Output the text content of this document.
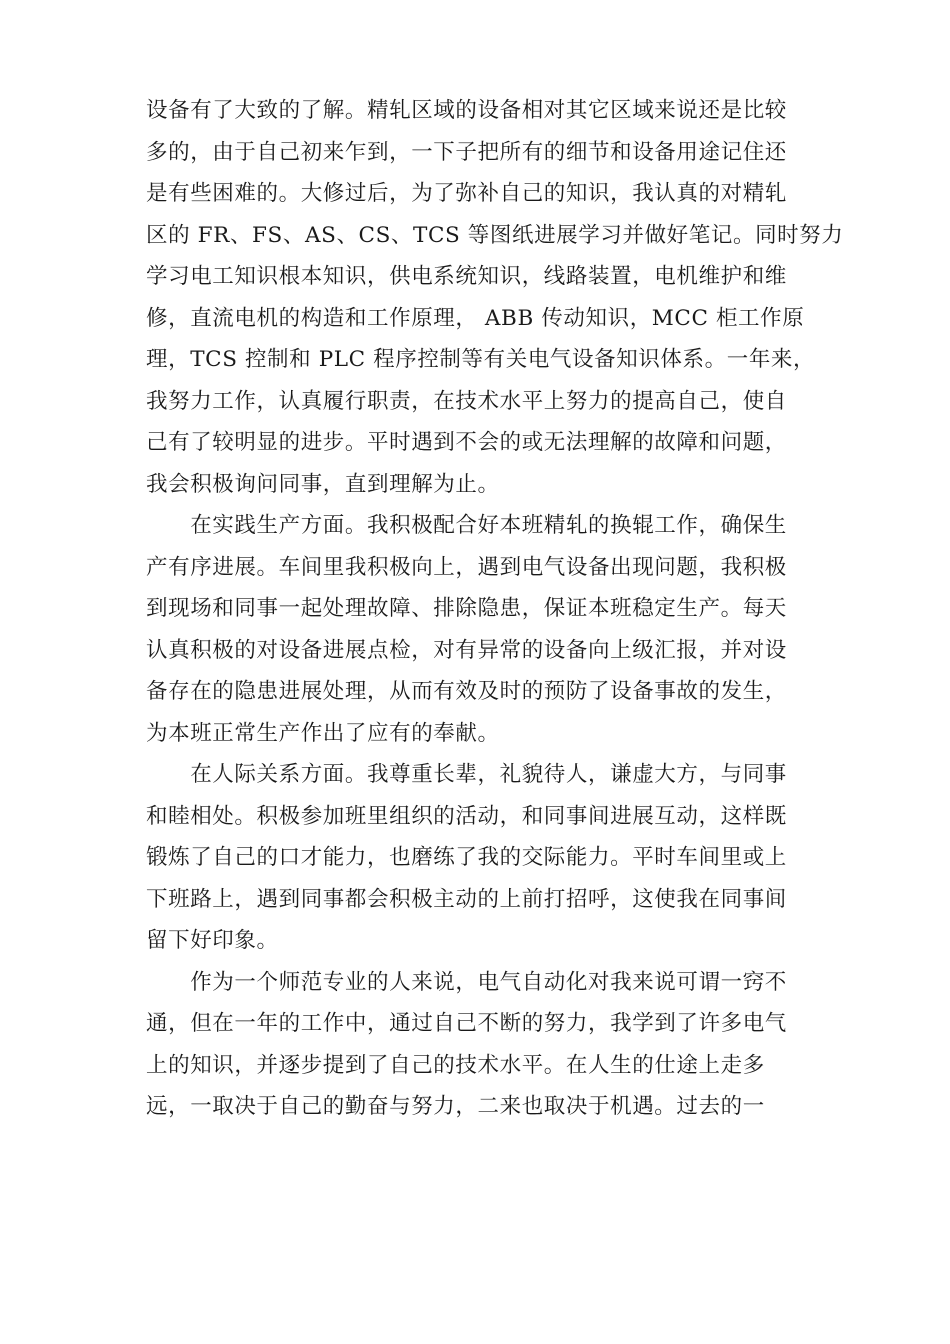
设备有了大致的了解。精轧区域的设备相对其它区域来说还是比较
多的，由于自己初来乍到，一下子把所有的细节和设备用途记住还
是有些困难的。大修过后，为了弥补自己的知识，我认真的对精轧
区的 FR、FS、AS、CS、TCS 等图纸进展学习并做好笔记。同时努力
学习电工知识根本知识，供电系统知识，线路装置，电机维护和维
修，直流电机的构造和工作原理， ABB 传动知识，MCC 柜工作原
理，TCS 控制和 PLC 程序控制等有关电气设备知识体系。一年来，
我努力工作，认真履行职责，在技术水平上努力的提高自己，使自
己有了较明显的进步。平时遇到不会的或无法理解的故障和问题，
我会积极询问同事，直到理解为止。
　　在实践生产方面。我积极配合好本班精轧的换辊工作，确保生
产有序进展。车间里我积极向上，遇到电气设备出现问题，我积极
到现场和同事一起处理故障、排除隐患，保证本班稳定生产。每天
认真积极的对设备进展点检，对有异常的设备向上级汇报，并对设
备存在的隐患进展处理，从而有效及时的预防了设备事故的发生，
为本班正常生产作出了应有的奉献。
　　在人际关系方面。我尊重长辈，礼貌待人，谦虚大方，与同事
和睦相处。积极参加班里组织的活动，和同事间进展互动，这样既
锻炼了自己的口才能力，也磨练了我的交际能力。平时车间里或上
下班路上，遇到同事都会积极主动的上前打招呼，这使我在同事间
留下好印象。
　　作为一个师范专业的人来说，电气自动化对我来说可谓一窍不
通，但在一年的工作中，通过自己不断的努力，我学到了许多电气
上的知识，并逐步提到了自己的技术水平。在人生的仕途上走多
远，一取决于自己的勤奋与努力，二来也取决于机遇。过去的一
